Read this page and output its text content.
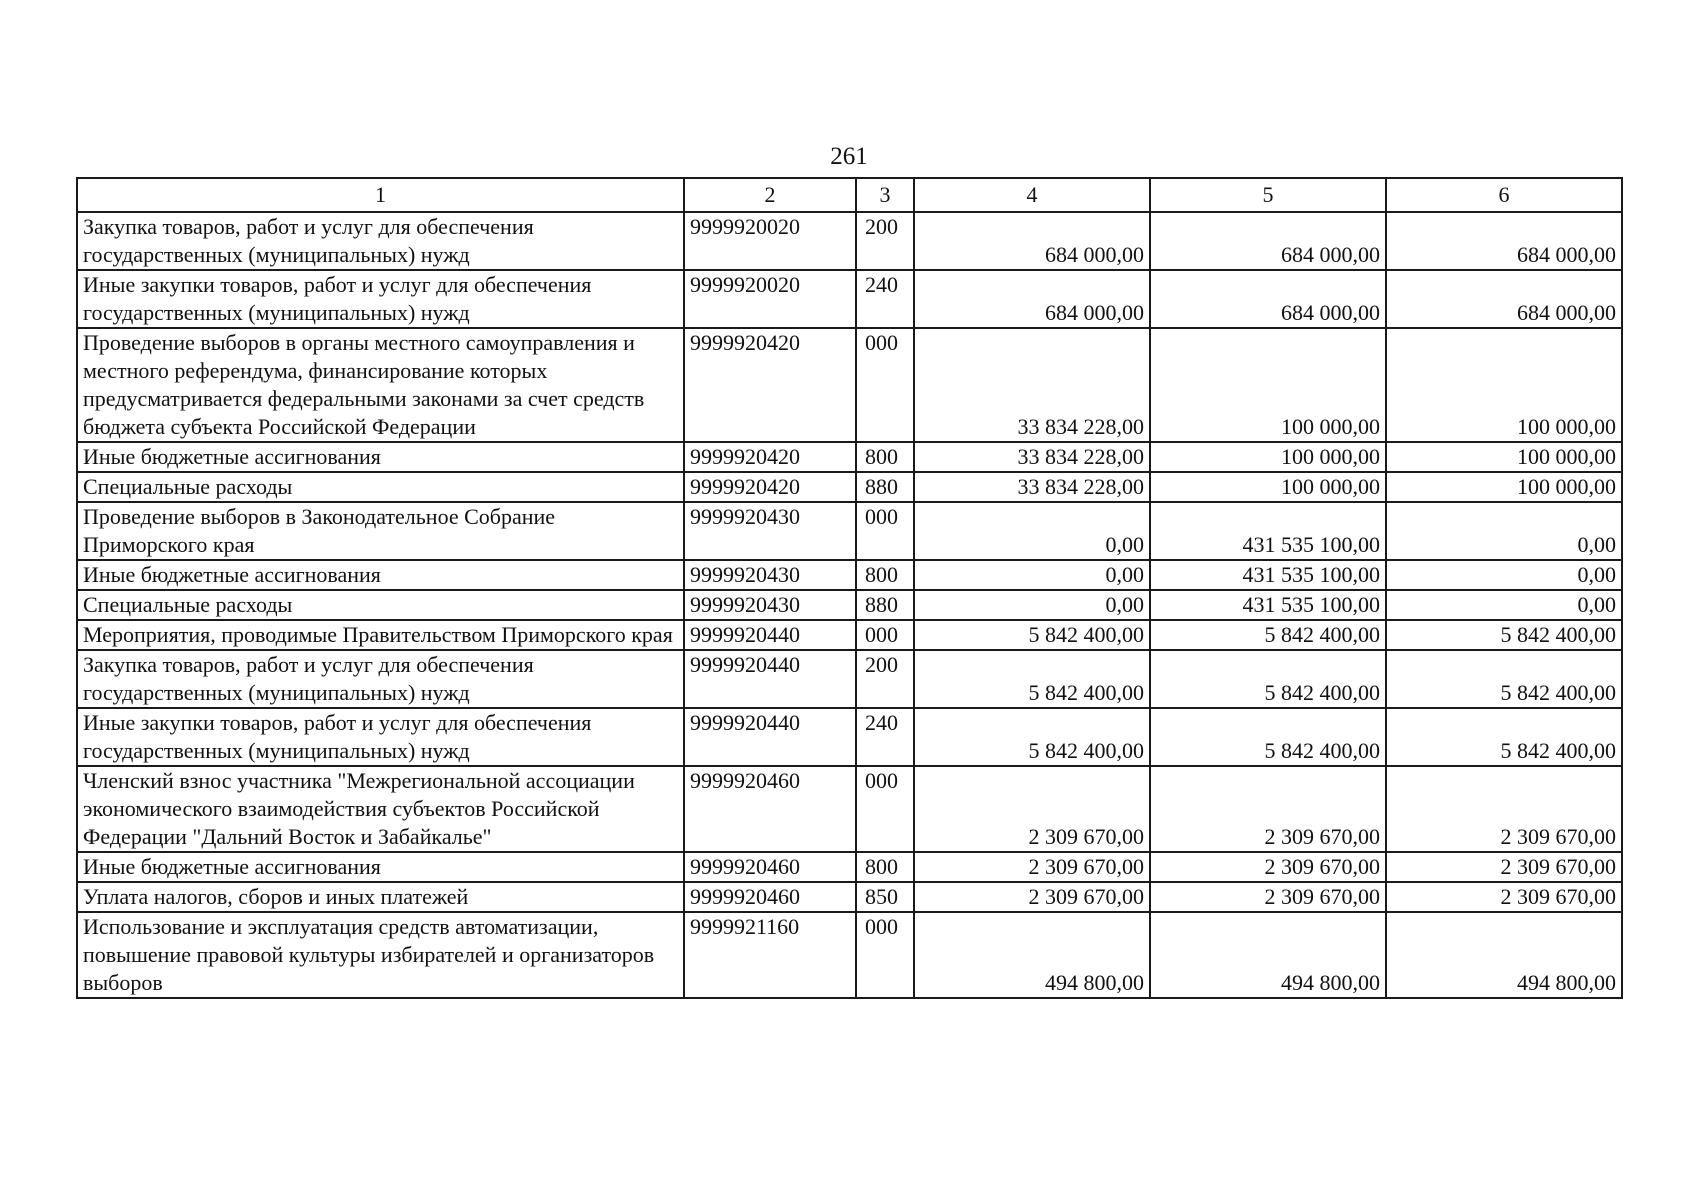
261
1	2	3	4	5	6
Закупка товаров, работ и услуг для обеспечения государственных (муниципальных) нужд	9999920020	200	684 000,00	684 000,00	684 000,00
Иные закупки товаров, работ и услуг для обеспечения государственных (муниципальных) нужд	9999920020	240	684 000,00	684 000,00	684 000,00
Проведение выборов в органы местного самоуправления и местного референдума, финансирование которых предусматривается федеральными законами за счет средств бюджета субъекта Российской Федерации	9999920420	000	33 834 228,00	100 000,00	100 000,00
Иные бюджетные ассигнования	9999920420	800	33 834 228,00	100 000,00	100 000,00
Специальные расходы	9999920420	880	33 834 228,00	100 000,00	100 000,00
Проведение выборов в Законодательное Собрание Приморского края	9999920430	000	0,00	431 535 100,00	0,00
Иные бюджетные ассигнования	9999920430	800	0,00	431 535 100,00	0,00
Специальные расходы	9999920430	880	0,00	431 535 100,00	0,00
Мероприятия, проводимые Правительством Приморского края	9999920440	000	5 842 400,00	5 842 400,00	5 842 400,00
Закупка товаров, работ и услуг для обеспечения государственных (муниципальных) нужд	9999920440	200	5 842 400,00	5 842 400,00	5 842 400,00
Иные закупки товаров, работ и услуг для обеспечения государственных (муниципальных) нужд	9999920440	240	5 842 400,00	5 842 400,00	5 842 400,00
Членский взнос участника "Межрегиональной ассоциации экономического взаимодействия субъектов Российской Федерации "Дальний Восток и Забайкалье"	9999920460	000	2 309 670,00	2 309 670,00	2 309 670,00
Иные бюджетные ассигнования	9999920460	800	2 309 670,00	2 309 670,00	2 309 670,00
Уплата налогов, сборов и иных платежей	9999920460	850	2 309 670,00	2 309 670,00	2 309 670,00
Использование и эксплуатация средств автоматизации, повышение правовой культуры избирателей и организаторов выборов	9999921160	000	494 800,00	494 800,00	494 800,00
